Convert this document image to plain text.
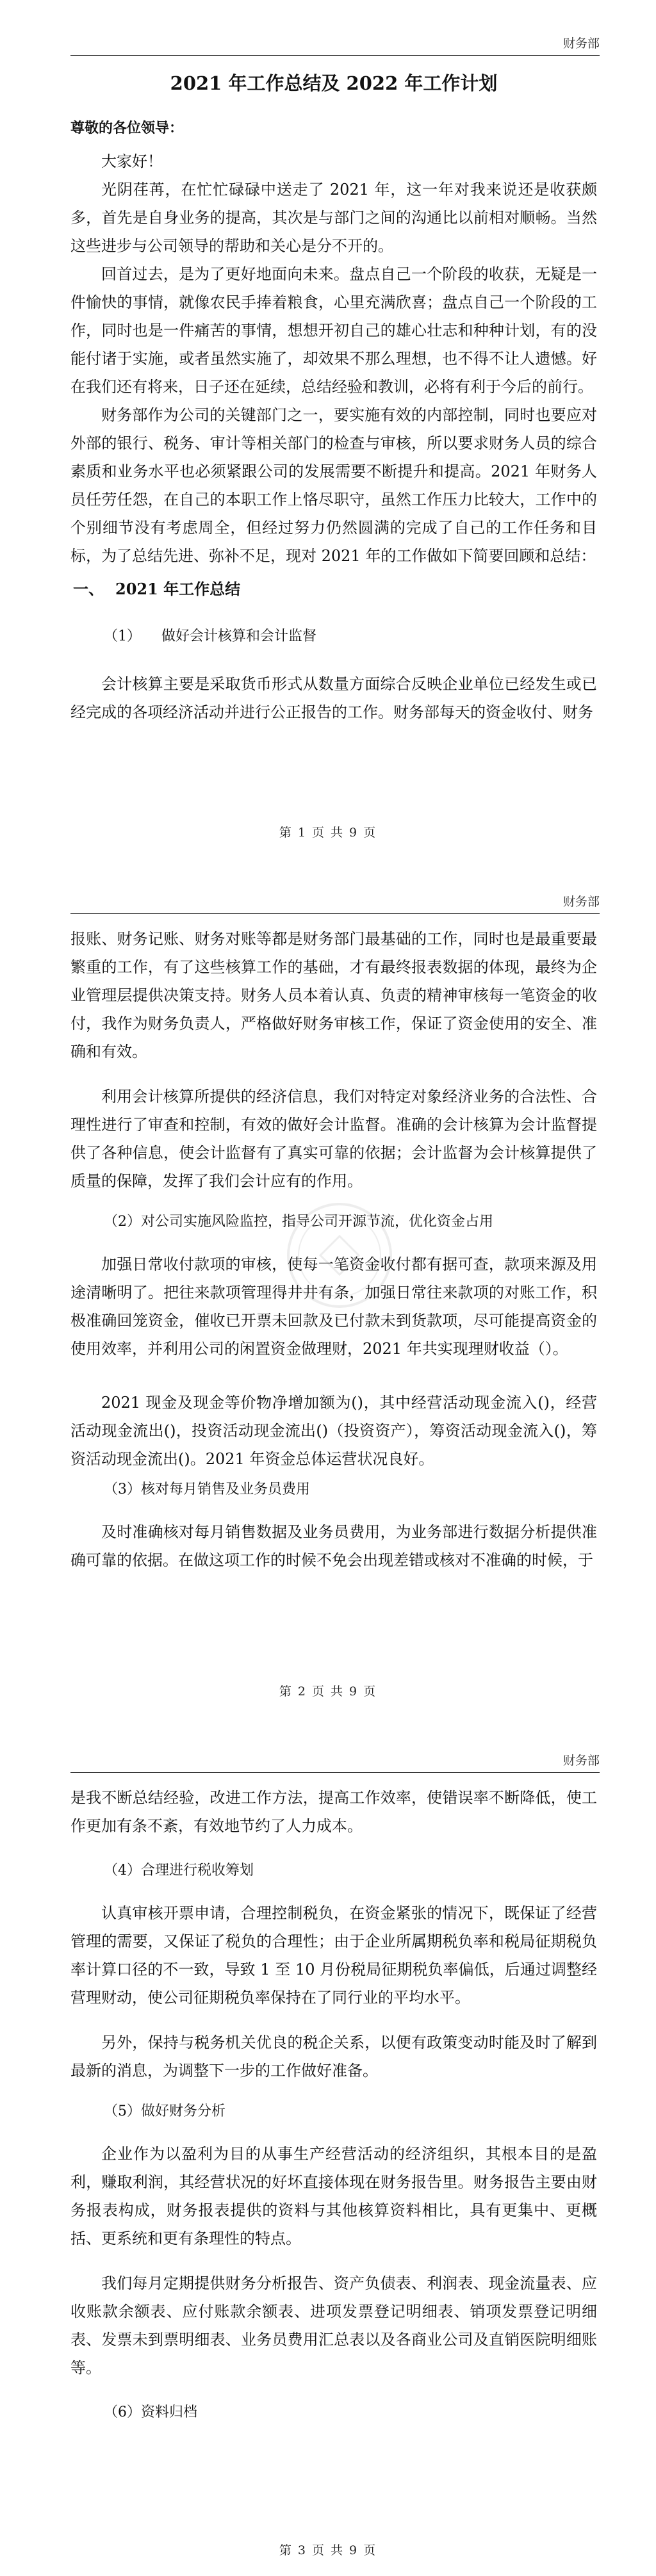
财务部
2021 年工作总结及 2022 年工作计划
尊敬的各位领导：

大家好！

光阴荏苒，在忙忙碌碌中送走了 2021 年，这一年对我来说还是收获颇多，首先是自身业务的提高，其次是与部门之间的沟通比以前相对顺畅。当然这些进步与公司领导的帮助和关心是分不开的。

回首过去，是为了更好地面向未来。盘点自己一个阶段的收获，无疑是一件愉快的事情，就像农民手捧着粮食，心里充满欣喜；盘点自己一个阶段的工作，同时也是一件痛苦的事情，想想开初自己的雄心壮志和种种计划，有的没能付诸于实施，或者虽然实施了，却效果不那么理想，也不得不让人遗憾。好在我们还有将来，日子还在延续，总结经验和教训，必将有利于今后的前行。

财务部作为公司的关键部门之一，要实施有效的内部控制，同时也要应对外部的银行、税务、审计等相关部门的检查与审核，所以要求财务人员的综合素质和业务水平也必须紧跟公司的发展需要不断提升和提高。2021 年财务人员任劳任怨，在自己的本职工作上恪尽职守，虽然工作压力比较大，工作中的个别细节没有考虑周全，但经过努力仍然圆满的完成了自己的工作任务和目标，为了总结先进、弥补不足，现对 2021 年的工作做如下简要回顾和总结：

一、 2021 年工作总结
（1） 做好会计核算和会计监督

会计核算主要是采取货币形式从数量方面综合反映企业单位已经发生或已经完成的各项经济活动并进行公正报告的工作。财务部每天的资金收付、财务

第 1 页 共 9 页
财务部

报账、财务记账、财务对账等都是财务部门最基础的工作，同时也是最重要最繁重的工作，有了这些核算工作的基础，才有最终报表数据的体现，最终为企业管理层提供决策支持。财务人员本着认真、负责的精神审核每一笔资金的收付，我作为财务负责人，严格做好财务审核工作，保证了资金使用的安全、准确和有效。

利用会计核算所提供的经济信息，我们对特定对象经济业务的合法性、合理性进行了审查和控制，有效的做好会计监督。准确的会计核算为会计监督提供了各种信息，使会计监督有了真实可靠的依据；会计监督为会计核算提供了质量的保障，发挥了我们会计应有的作用。

（2）对公司实施风险监控，指导公司开源节流，优化资金占用

加强日常收付款项的审核，使每一笔资金收付都有据可查，款项来源及用途清晰明了。把往来款项管理得井井有条，加强日常往来款项的对账工作，积极准确回笼资金，催收已开票未回款及已付款未到货款项，尽可能提高资金的使用效率，并利用公司的闲置资金做理财，2021 年共实现理财收益（）。

2021 现金及现金等价物净增加额为()，其中经营活动现金流入()，经营活动现金流出()，投资活动现金流出()（投资资产），筹资活动现金流入()，筹资活动现金流出()。2021 年资金总体运营状况良好。

（3）核对每月销售及业务员费用

及时准确核对每月销售数据及业务员费用，为业务部进行数据分析提供准确可靠的依据。在做这项工作的时候不免会出现差错或核对不准确的时候，于

第 2 页 共 9 页
财务部

是我不断总结经验，改进工作方法，提高工作效率，使错误率不断降低，使工作更加有条不紊，有效地节约了人力成本。

（4）合理进行税收筹划

认真审核开票申请，合理控制税负，在资金紧张的情况下，既保证了经营管理的需要，又保证了税负的合理性；由于企业所属期税负率和税局征期税负率计算口径的不一致，导致 1 至 10 月份税局征期税负率偏低，后通过调整经营理财动，使公司征期税负率保持在了同行业的平均水平。

另外，保持与税务机关优良的税企关系，以便有政策变动时能及时了解到最新的消息，为调整下一步的工作做好准备。

（5）做好财务分析

企业作为以盈利为目的从事生产经营活动的经济组织，其根本目的是盈利，赚取利润，其经营状况的好坏直接体现在财务报告里。财务报告主要由财务报表构成，财务报表提供的资料与其他核算资料相比，具有更集中、更概括、更系统和更有条理性的特点。

我们每月定期提供财务分析报告、资产负债表、利润表、现金流量表、应收账款余额表、应付账款余额表、进项发票登记明细表、销项发票登记明细表、发票未到票明细表、业务员费用汇总表以及各商业公司及直销医院明细账等。

（6）资料归档
第 3 页 共 9 页
